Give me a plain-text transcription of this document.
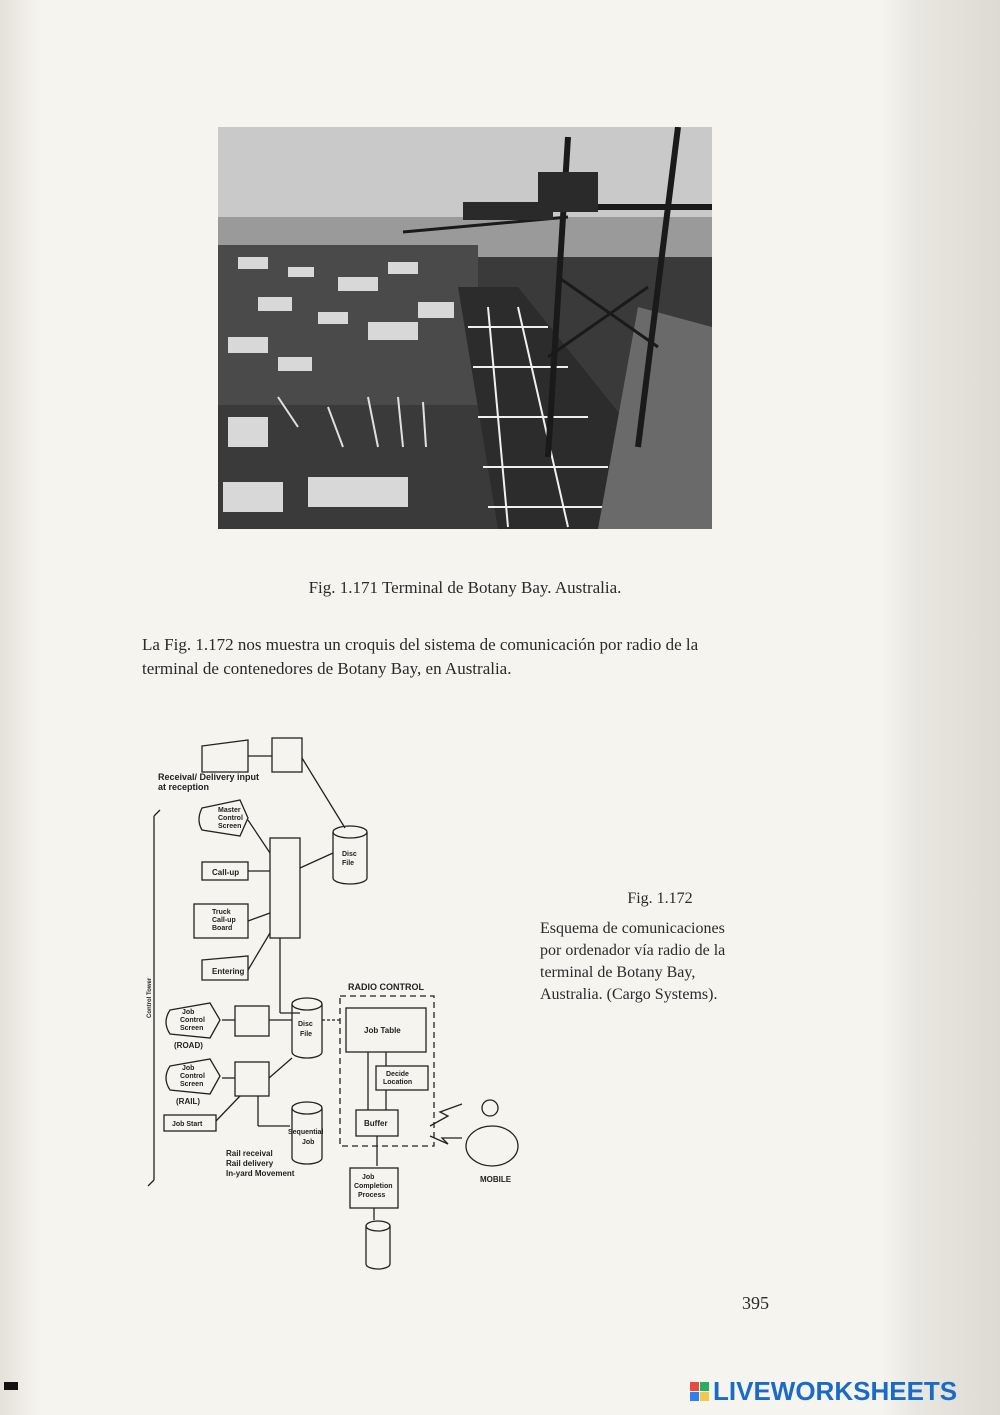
Fig. 1.171 Terminal de Botany Bay. Australia.
La Fig. 1.172 nos muestra un croquis del sistema de comunicación por radio de la
terminal de contenedores de Botany Bay, en Australia.
Receival/ Delivery input
at reception
Master
Control
Screen
Disc
File
Call-up
Truck
Call-up
Board
Entering
Control Tower	RADIO CONTROL
Job
Control
Screen
(ROAD)
Disc
File	Job Table
Job
Control
Screen
(RAIL)
Decide
Location
Job Start
Sequential
Job
Buffer
Rail receival
Rail delivery
In-yard Movement	Job
Completion
Process
MOBILE
Fig. 1.172
Esquema de comunicaciones
por ordenador vía radio de la
terminal de Botany Bay,
Australia. (Cargo Systems).
395
LIVEWORKSHEETS
